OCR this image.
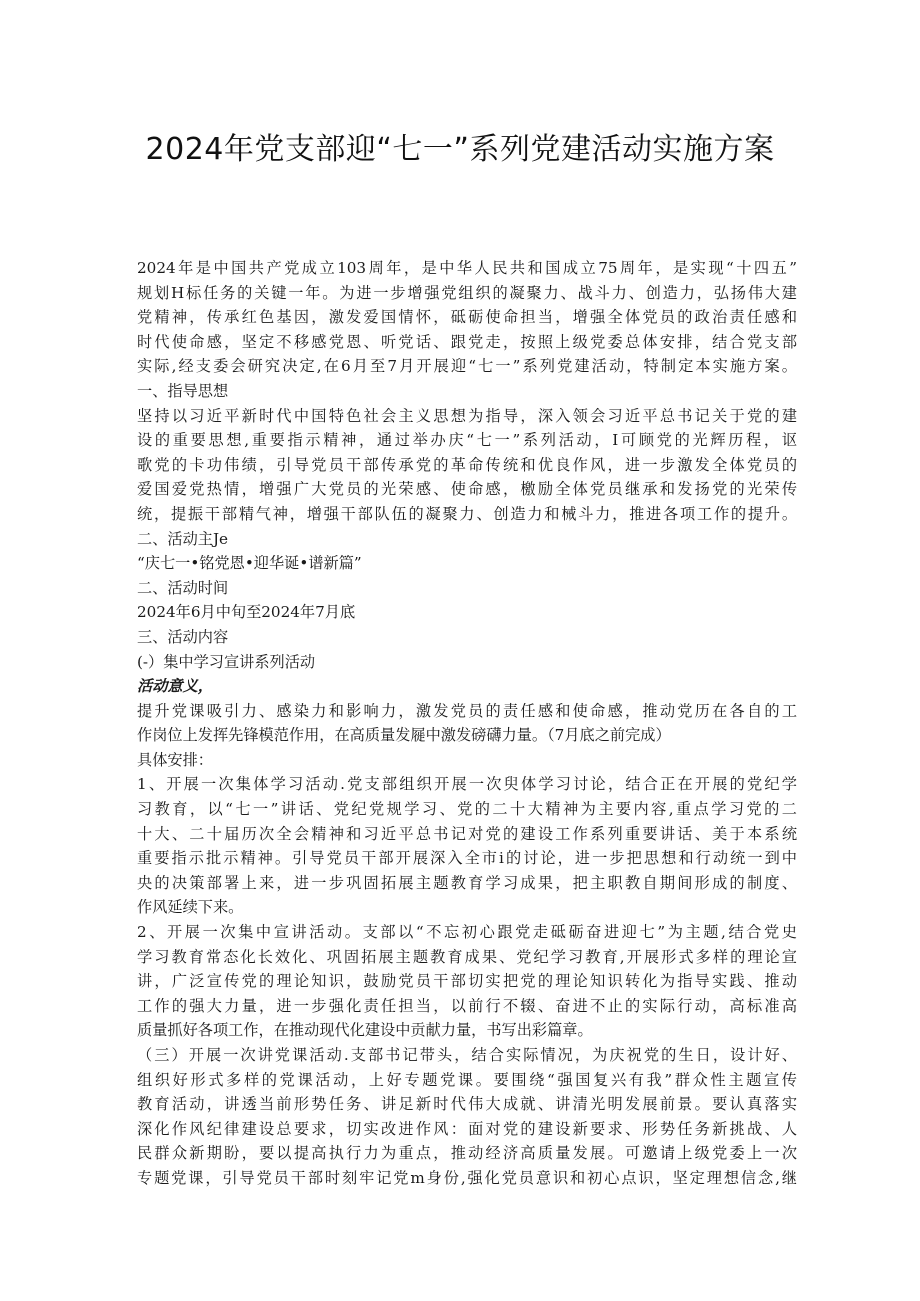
2024年党支部迎“七一”系列党建活动实施方案
2024年是中国共产党成立103周年，是中华人民共和国成立75周年，是实现“十四五”
规划H标任务的关键一年。为进一步增强党组织的凝聚力、战斗力、创造力，弘扬伟大建
党精神，传承红色基因，激发爱国情怀，砥砺使命担当，增强全体党员的政治责任感和
时代使命感，坚定不移感党恩、听党话、跟党走，按照上级党委总体安排，结合党支部
实际,经支委会研究决定,在6月至7月开展迎“七一”系列党建活动，特制定本实施方案。
一、指导思想
坚持以习近平新时代中国特色社会主义思想为指导，深入领会习近平总书记关于党的建
设的重要思想,重要指示精神，通过举办庆“七一”系列活动，I可顾党的光辉历程，讴
歌党的卡功伟绩，引导党员干部传承党的革命传统和优良作风，进一步激发全体党员的
爱国爱党热情，增强广大党员的光荣感、使命感，檄励全体党员继承和发扬党的光荣传
统，提振干部精气神，增强干部队伍的凝聚力、创造力和械斗力，推进各项工作的提升。
二、活动主Je
“庆七一•铭党恩•迎华诞•谱新篇”
二、活动时间
2024年6月中旬至2024年7月底
三、活动内容
(-）集中学习宣讲系列活动
活动意义，
提升党课吸引力、感染力和影响力，激发党员的责任感和使命感，推动党历在各自的工
作岗位上发挥先锋模范作用，在高质量发屣中激发磅礴力量。（7月底之前完成）
具体安排：
1、开展一次集体学习活动.党支部组织开展一次臾体学习讨论，结合正在开展的党纪学
习教育，以“七一”讲话、党纪党规学习、党的二十大精神为主要内容,重点学习党的二
十大、二十届历次全会精神和习近平总书记对党的建设工作系列重要讲话、美于本系统
重要指示批示精神。引导党员干部开展深入全市i的讨论，进一步把思想和行动统一到中
央的决策部署上来，进一步巩固拓展主题教育学习成果，把主职教自期间形成的制度、
作风延续下来。
2、开展一次集中宣讲活动。支部以“不忘初心跟党走砥砺奋进迎七”为主题,结合党史
学习教育常态化长效化、巩固拓展主题教育成果、党纪学习教育,开展形式多样的理论宣
讲，广泛宣传党的理论知识，鼓励党员干部切实把党的理论知识转化为指导实践、推动
工作的强大力量，进一步强化责任担当，以前行不辍、奋进不止的实际行动，高标准高
质量抓好各项工作，在推动现代化建设中贡献力量，书写出彩篇章。
（三）开展一次讲党课活动.支部书记带头，结合实际情况，为庆祝党的生日，设计好、
组织好形式多样的党课活动，上好专题党课。要围绕“强国复兴有我”群众性主题宣传
教育活动，讲透当前形势任务、讲足新时代伟大成就、讲清光明发展前景。要认真落实
深化作风纪律建设总要求，切实改进作风：面对党的建设新要求、形势任务新挑战、人
民群众新期盼，要以提高执行力为重点，推动经济高质量发展。可邀请上级党委上一次
专题党课，引导党员干部时刻牢记党m身份,强化党员意识和初心点识，坚定理想信念,继
